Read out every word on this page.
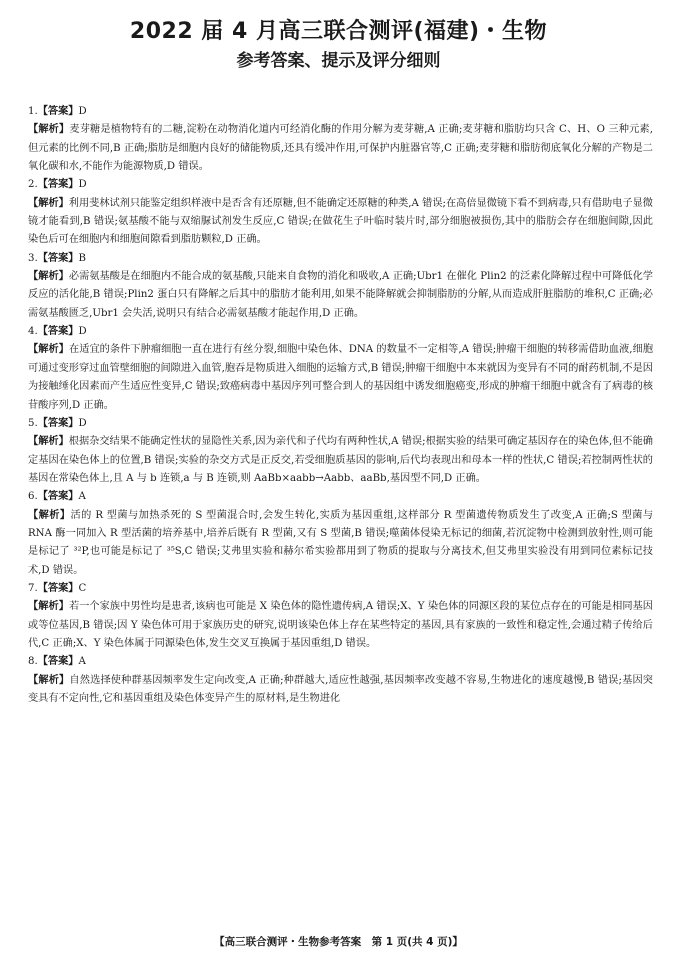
2022 届 4 月高三联合测评(福建)・生物
参考答案、提示及评分细则
1.【答案】D
【解析】麦芽糖是植物特有的二糖,淀粉在动物消化道内可经消化酶的作用分解为麦芽糖,A 正确;麦芽糖和脂肪均只含 C、H、O 三种元素,但元素的比例不同,B 正确;脂肪是细胞内良好的储能物质,还具有缓冲作用,可保护内脏器官等,C 正确;麦芽糖和脂肪彻底氧化分解的产物是二氧化碳和水,不能作为能源物质,D 错误。
2.【答案】D
【解析】利用斐林试剂只能鉴定组织样液中是否含有还原糖,但不能确定还原糖的种类,A 错误;在高倍显微镜下看不到病毒,只有借助电子显微镜才能看到,B 错误;氨基酸不能与双缩脲试剂发生反应,C 错误;在做花生子叶临时装片时,部分细胞被损伤,其中的脂肪会存在细胞间隙,因此染色后可在细胞内和细胞间隙看到脂肪颗粒,D 正确。
3.【答案】B
【解析】必需氨基酸是在细胞内不能合成的氨基酸,只能来自食物的消化和吸收,A 正确;Ubr1 在催化 Plin2 的泛素化降解过程中可降低化学反应的活化能,B 错误;Plin2 蛋白只有降解之后其中的脂肪才能利用,如果不能降解就会抑制脂肪的分解,从而造成肝脏脂肪的堆积,C 正确;必需氨基酸匮乏,Ubr1 会失活,说明只有结合必需氨基酸才能起作用,D 正确。
4.【答案】D
【解析】在适宜的条件下肿瘤细胞一直在进行有丝分裂,细胞中染色体、DNA 的数量不一定相等,A 错误;肿瘤干细胞的转移需借助血液,细胞可通过变形穿过血管壁细胞的间隙进入血管,胞吞是物质进入细胞的运输方式,B 错误;肿瘤干细胞中本来就因为变异有不同的耐药机制,不是因为接触缍化因素而产生适应性变异,C 错误;致癌病毒中基因序列可整合到人的基因组中诱发细胞癌变,形成的肿瘤干细胞中就含有了病毒的核苷酸序列,D 正确。
5.【答案】D
【解析】根据杂交结果不能确定性状的显隐性关系,因为亲代和子代均有两种性状,A 错误;根据实验的结果可确定基因存在的染色体,但不能确定基因在染色体上的位置,B 错误;实验的杂交方式是正反交,若受细胞质基因的影响,后代均表现出和母本一样的性状,C 错误;若控制两性状的基因在常染色体上,且 A 与 b 连锁,a 与 B 连锁,则 AaBb×aabb→Aabb、aaBb,基因型不同,D 正确。
6.【答案】A
【解析】活的 R 型菌与加热杀死的 S 型菌混合时,会发生转化,实质为基因重组,这样部分 R 型菌遗传物质发生了改变,A 正确;S 型菌与 RNA 酶一同加入 R 型活菌的培养基中,培养后既有 R 型菌,又有 S 型菌,B 错误;噬菌体侵染无标记的细菌,若沉淀物中检测到放射性,则可能是标记了 ³²P,也可能是标记了 ³⁵S,C 错误;艾弗里实验和赫尔希实验都用到了物质的提取与分离技术,但艾弗里实验没有用到同位素标记技术,D 错误。
7.【答案】C
【解析】若一个家族中男性均是患者,该病也可能是 X 染色体的隐性遗传病,A 错误;X、Y 染色体的同源区段的某位点存在的可能是相同基因或等位基因,B 错误;因 Y 染色体可用于家族历史的研究,说明该染色体上存在某些特定的基因,具有家族的一致性和稳定性,会通过精子传给后代,C 正确;X、Y 染色体属于同源染色体,发生交叉互换属于基因重组,D 错误。
8.【答案】A
【解析】自然选择使种群基因频率发生定向改变,A 正确;种群越大,适应性越强,基因频率改变越不容易,生物进化的速度越慢,B 错误;基因突变具有不定向性,它和基因重组及染色体变异产生的原材料,是生物进化
【高三联合测评・生物参考答案　第 1 页(共 4 页)】
